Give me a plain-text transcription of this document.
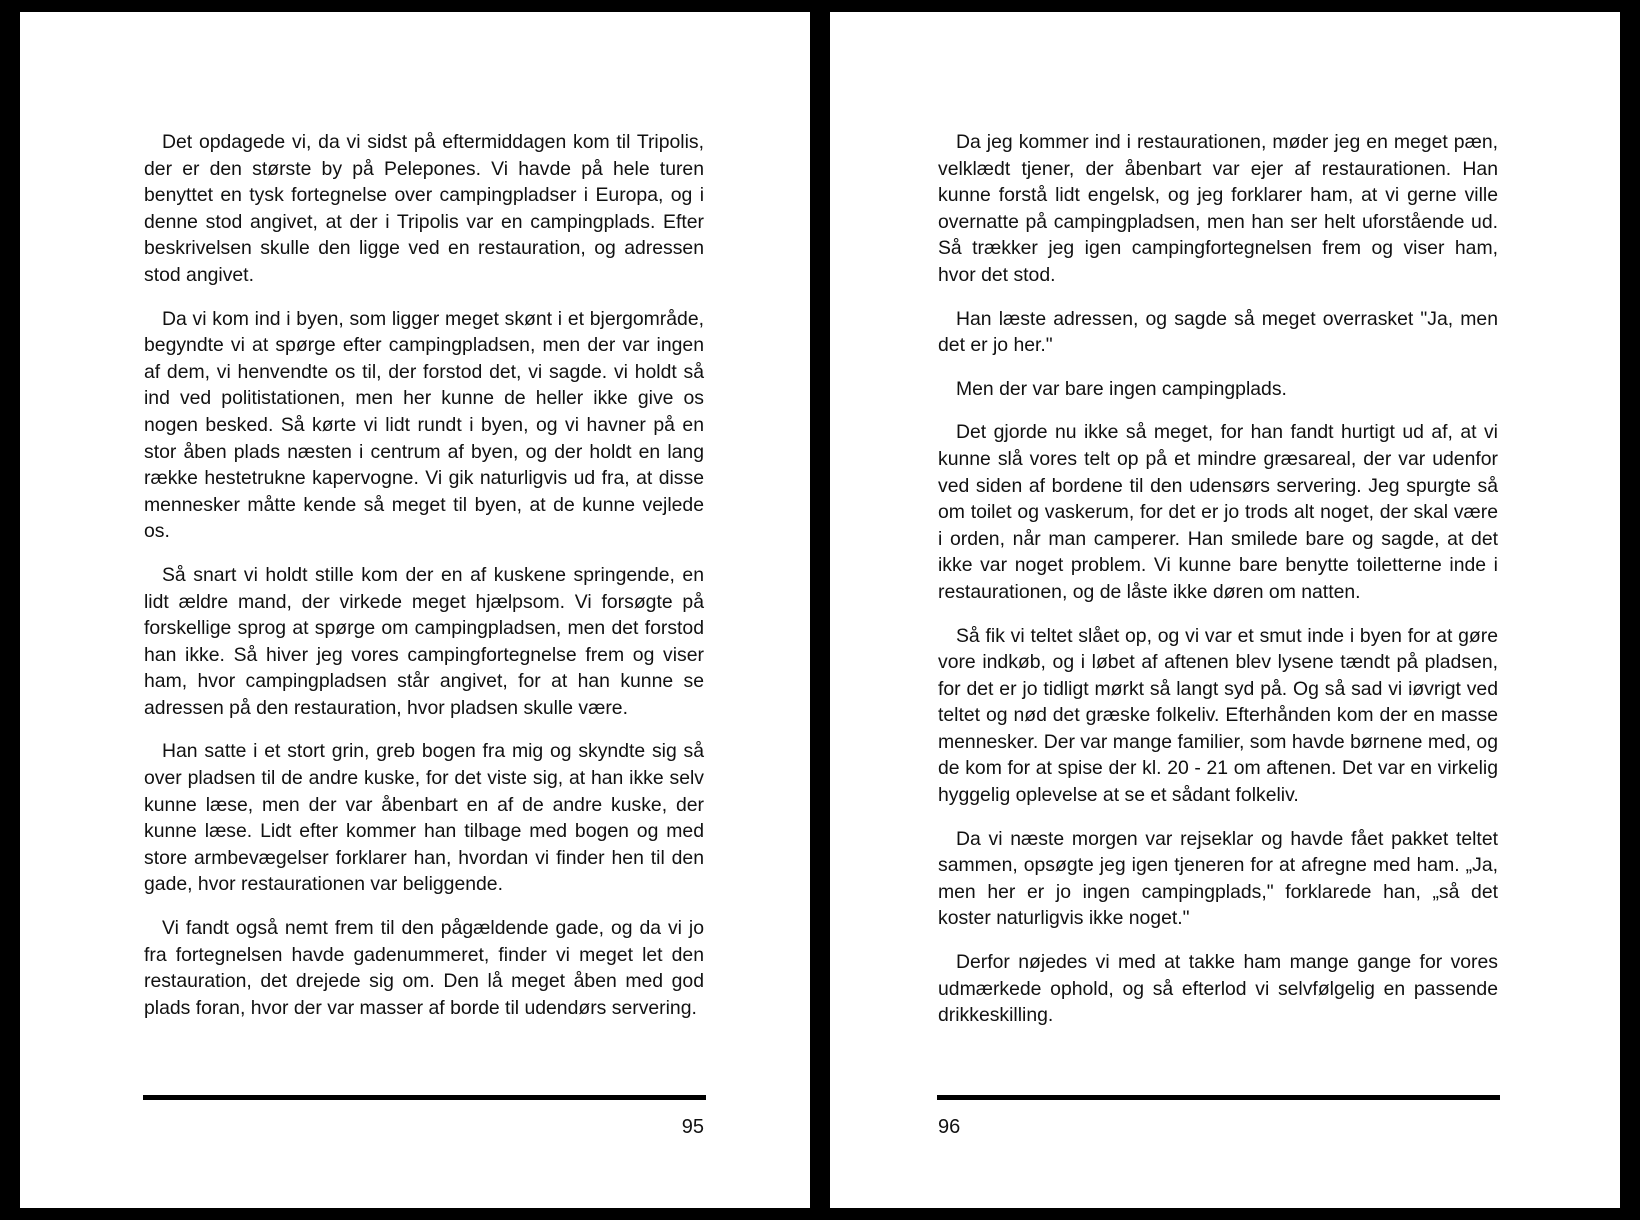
Det opdagede vi, da vi sidst på eftermiddagen kom til Tripolis, der er den største by på Pelepones. Vi havde på hele turen benyttet en tysk fortegnelse over campingpladser i Europa, og i denne stod angivet, at der i Tripolis var en campingplads. Efter beskrivelsen skulle den ligge ved en restauration, og adressen stod angivet.

Da vi kom ind i byen, som ligger meget skønt i et bjergområde, begyndte vi at spørge efter campingpladsen, men der var ingen af dem, vi henvendte os til, der forstod det, vi sagde. vi holdt så ind ved politistationen, men her kunne de heller ikke give os nogen besked. Så kørte vi lidt rundt i byen, og vi havner på en stor åben plads næsten i centrum af byen, og der holdt en lang række hestetrukne kapervogne. Vi gik naturligvis ud fra, at disse mennesker måtte kende så meget til byen, at de kunne vejlede os.

Så snart vi holdt stille kom der en af kuskene springende, en lidt ældre mand, der virkede meget hjælpsom. Vi forsøgte på forskellige sprog at spørge om campingpladsen, men det forstod han ikke. Så hiver jeg vores campingfortegnelse frem og viser ham, hvor campingpladsen står angivet, for at han kunne se adressen på den restauration, hvor pladsen skulle være.

Han satte i et stort grin, greb bogen fra mig og skyndte sig så over pladsen til de andre kuske, for det viste sig, at han ikke selv kunne læse, men der var åbenbart en af de andre kuske, der kunne læse. Lidt efter kommer han tilbage med bogen og med store armbevægelser forklarer han, hvordan vi finder hen til den gade, hvor restaurationen var beliggende.

Vi fandt også nemt frem til den pågældende gade, og da vi jo fra fortegnelsen havde gadenummeret, finder vi meget let den restauration, det drejede sig om. Den lå meget åben med god plads foran, hvor der var masser af borde til udendørs servering.

95

Da jeg kommer ind i restaurationen, møder jeg en meget pæn, velklædt tjener, der åbenbart var ejer af restaurationen. Han kunne forstå lidt engelsk, og jeg forklarer ham, at vi gerne ville overnatte på campingpladsen, men han ser helt uforstående ud. Så trækker jeg igen campingfortegnelsen frem og viser ham, hvor det stod.

Han læste adressen, og sagde så meget overrasket "Ja, men det er jo her."

Men der var bare ingen campingplads.

Det gjorde nu ikke så meget, for han fandt hurtigt ud af, at vi kunne slå vores telt op på et mindre græsareal, der var udenfor ved siden af bordene til den udensørs servering. Jeg spurgte så om toilet og vaskerum, for det er jo trods alt noget, der skal være i orden, når man camperer. Han smilede bare og sagde, at det ikke var noget problem. Vi kunne bare benytte toiletterne inde i restaurationen, og de låste ikke døren om natten.

Så fik vi teltet slået op, og vi var et smut inde i byen for at gøre vore indkøb, og i løbet af aftenen blev lysene tændt på pladsen, for det er jo tidligt mørkt så langt syd på. Og så sad vi iøvrigt ved teltet og nød det græske folkeliv. Efterhånden kom der en masse mennesker. Der var mange familier, som havde børnene med, og de kom for at spise der kl. 20 - 21 om aftenen. Det var en virkelig hyggelig oplevelse at se et sådant folkeliv.

Da vi næste morgen var rejseklar og havde fået pakket teltet sammen, opsøgte jeg igen tjeneren for at afregne med ham. „Ja, men her er jo ingen campingplads," forklarede han, „så det koster naturligvis ikke noget."

Derfor nøjedes vi med at takke ham mange gange for vores udmærkede ophold, og så efterlod vi selvfølgelig en passende drikkeskilling.

96
